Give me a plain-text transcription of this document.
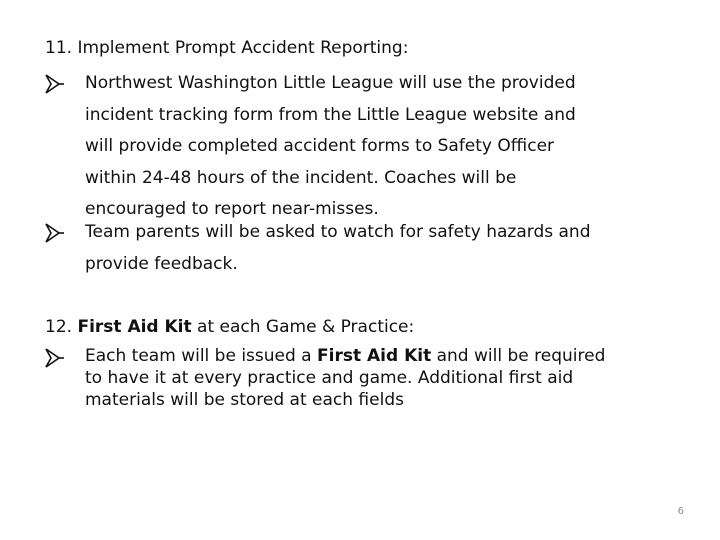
11. Implement Prompt Accident Reporting:

Northwest Washington Little League will use the provided
incident tracking form from the Little League website and
will provide completed accident forms to Safety Officer
within 24-48 hours of the incident. Coaches will be
encouraged to report near-misses.

Team parents will be asked to watch for safety hazards and
provide feedback.

12. First Aid Kit at each Game & Practice:

Each team will be issued a First Aid Kit and will be required
to have it at every practice and game. Additional first aid
materials will be stored at each fields

6
